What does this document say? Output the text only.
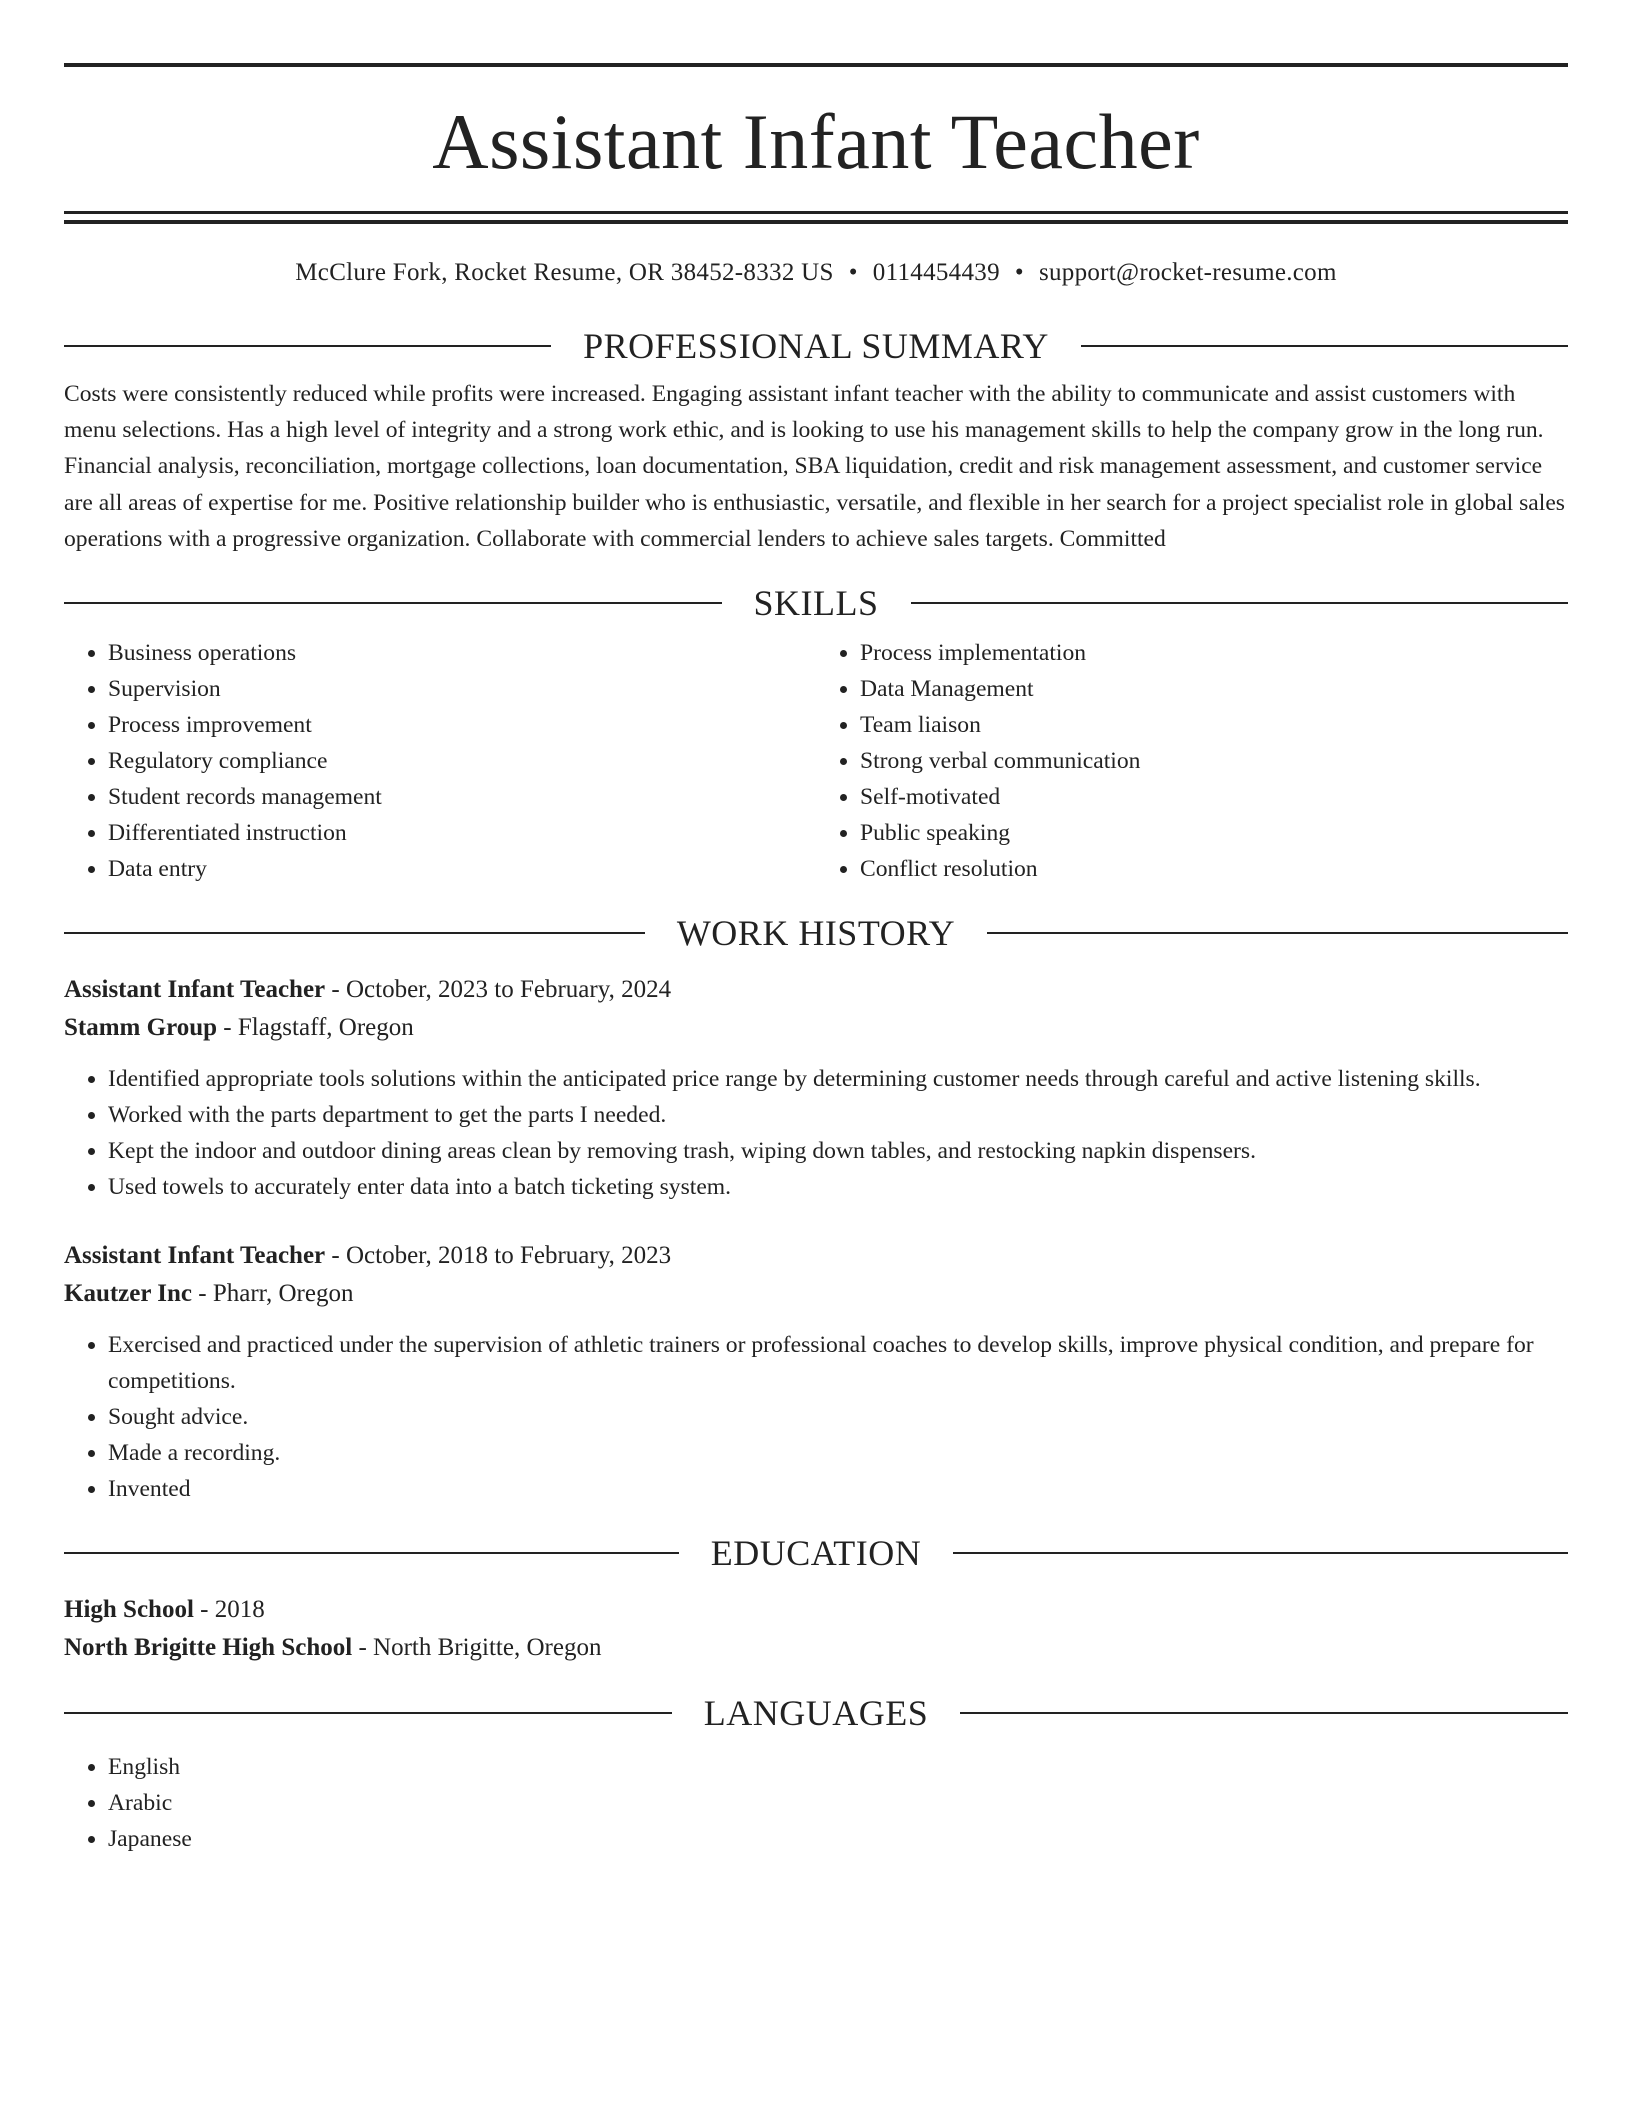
Assistant Infant Teacher
McClure Fork, Rocket Resume, OR 38452-8332 US • 0114454439 • support@rocket-resume.com
PROFESSIONAL SUMMARY
Costs were consistently reduced while profits were increased. Engaging assistant infant teacher with the ability to communicate and assist customers with menu selections. Has a high level of integrity and a strong work ethic, and is looking to use his management skills to help the company grow in the long run. Financial analysis, reconciliation, mortgage collections, loan documentation, SBA liquidation, credit and risk management assessment, and customer service are all areas of expertise for me. Positive relationship builder who is enthusiastic, versatile, and flexible in her search for a project specialist role in global sales operations with a progressive organization. Collaborate with commercial lenders to achieve sales targets. Committed
SKILLS
• Business operations
• Supervision
• Process improvement
• Regulatory compliance
• Student records management
• Differentiated instruction
• Data entry
• Process implementation
• Data Management
• Team liaison
• Strong verbal communication
• Self-motivated
• Public speaking
• Conflict resolution
WORK HISTORY
Assistant Infant Teacher - October, 2023 to February, 2024
Stamm Group - Flagstaff, Oregon
• Identified appropriate tools solutions within the anticipated price range by determining customer needs through careful and active listening skills.
• Worked with the parts department to get the parts I needed.
• Kept the indoor and outdoor dining areas clean by removing trash, wiping down tables, and restocking napkin dispensers.
• Used towels to accurately enter data into a batch ticketing system.
Assistant Infant Teacher - October, 2018 to February, 2023
Kautzer Inc - Pharr, Oregon
• Exercised and practiced under the supervision of athletic trainers or professional coaches to develop skills, improve physical condition, and prepare for competitions.
• Sought advice.
• Made a recording.
• Invented
EDUCATION
High School - 2018
North Brigitte High School - North Brigitte, Oregon
LANGUAGES
• English
• Arabic
• Japanese
